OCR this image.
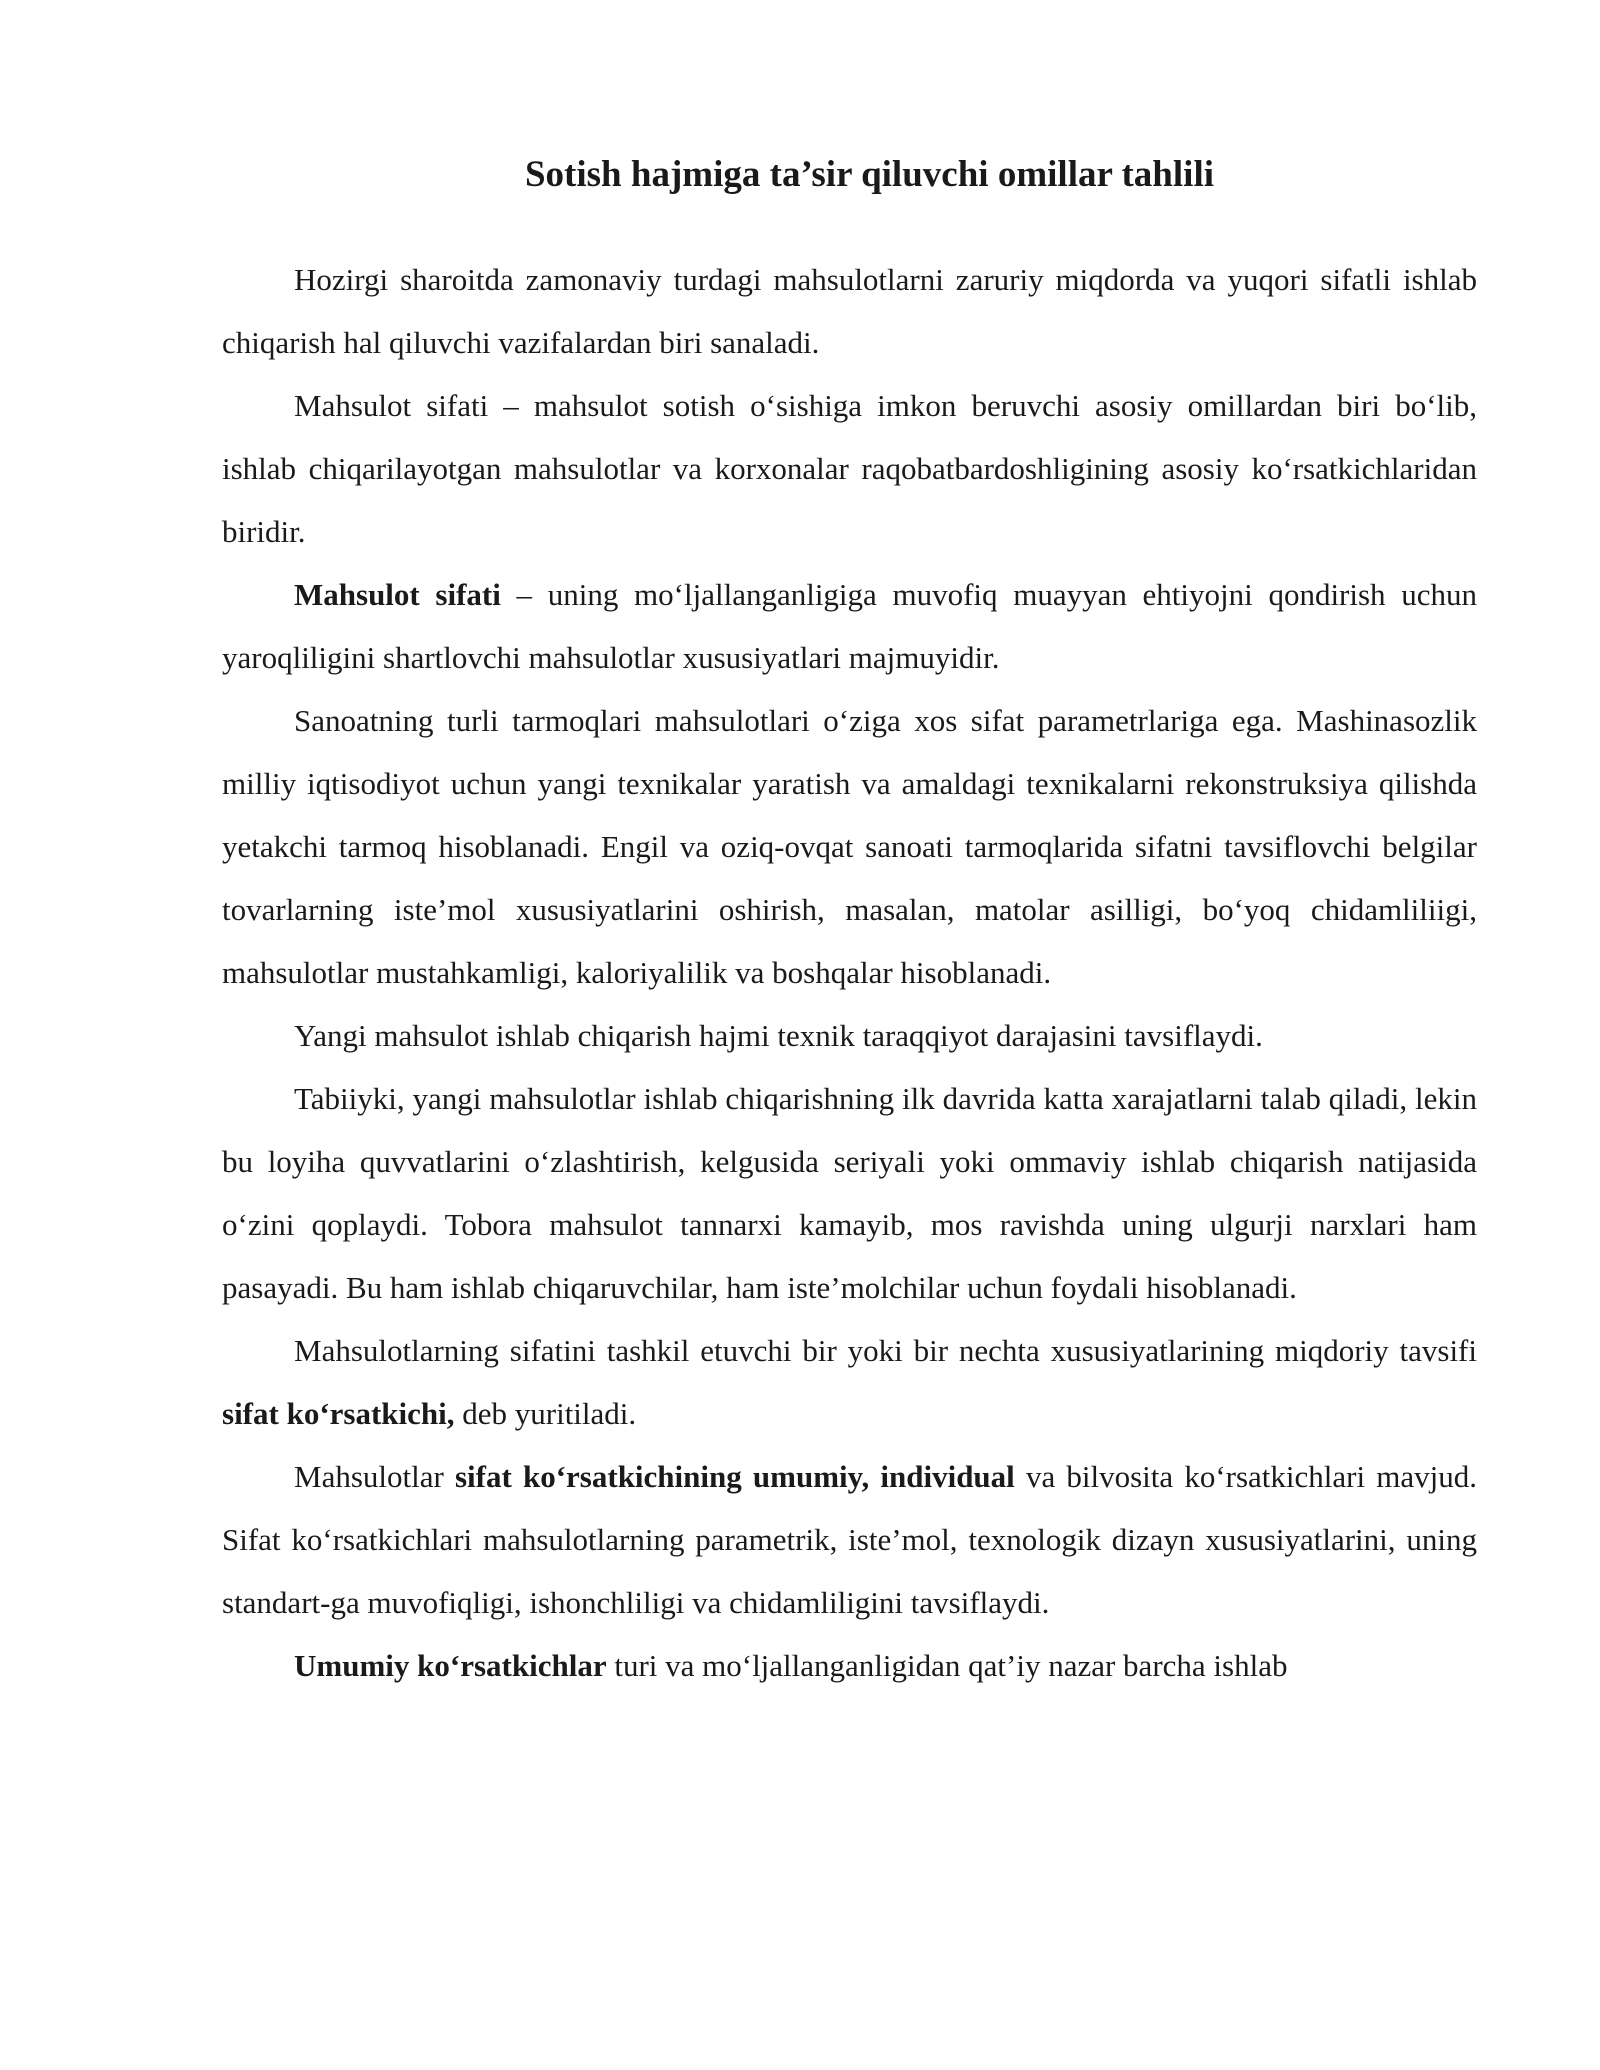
Sotish hajmiga ta’sir qiluvchi omillar tahlili

Hozirgi sharoitda zamonaviy turdagi mahsulotlarni zaruriy miqdorda va yuqori sifatli ishlab chiqarish hal qiluvchi vazifalardan biri sanaladi.

Mahsulot sifati – mahsulot sotish o‘sishiga imkon beruvchi asosiy omillardan biri bo‘lib, ishlab chiqarilayotgan mahsulotlar va korxonalar raqobatbardoshligining asosiy ko‘rsatkichlaridan biridir.

Mahsulot sifati – uning mo‘ljallanganligiga muvofiq muayyan ehtiyojni qondirish uchun yaroqliligini shartlovchi mahsulotlar xususiyatlari majmuyidir.

Sanoatning turli tarmoqlari mahsulotlari o‘ziga xos sifat parametrlariga ega. Mashinasozlik milliy iqtisodiyot uchun yangi texnikalar yaratish va amaldagi texnikalarni rekonstruksiya qilishda yetakchi tarmoq hisoblanadi. Engil va oziq-ovqat sanoati tarmoqlarida sifatni tavsiflovchi belgilar tovarlarning iste’mol xususiyatlarini oshirish, masalan, matolar asilligi, bo‘yoq chidamliliigi, mahsulotlar mustahkamligi, kaloriyalilik va boshqalar hisoblanadi.

Yangi mahsulot ishlab chiqarish hajmi texnik taraqqiyot darajasini tavsiflaydi.

Tabiiyki, yangi mahsulotlar ishlab chiqarishning ilk davrida katta xarajatlarni talab qiladi, lekin bu loyiha quvvatlarini o‘zlashtirish, kelgusida seriyali yoki ommaviy ishlab chiqarish natijasida o‘zini qoplaydi. Tobora mahsulot tannarxi kamayib, mos ravishda uning ulgurji narxlari ham pasayadi. Bu ham ishlab chiqaruvchilar, ham iste’molchilar uchun foydali hisoblanadi.

Mahsulotlarning sifatini tashkil etuvchi bir yoki bir nechta xususiyatlarining miqdoriy tavsifi sifat ko‘rsatkichi, deb yuritiladi.

Mahsulotlar sifat ko‘rsatkichining umumiy, individual va bilvosita ko‘rsatkichlari mavjud. Sifat ko‘rsatkichlari mahsulotlarning parametrik, iste’mol, texnologik dizayn xususiyatlarini, uning standart-ga muvofiqligi, ishonchliligi va chidamliligini tavsiflaydi.

Umumiy ko‘rsatkichlar turi va mo‘ljallanganligidan qat’iy nazar barcha ishlab
